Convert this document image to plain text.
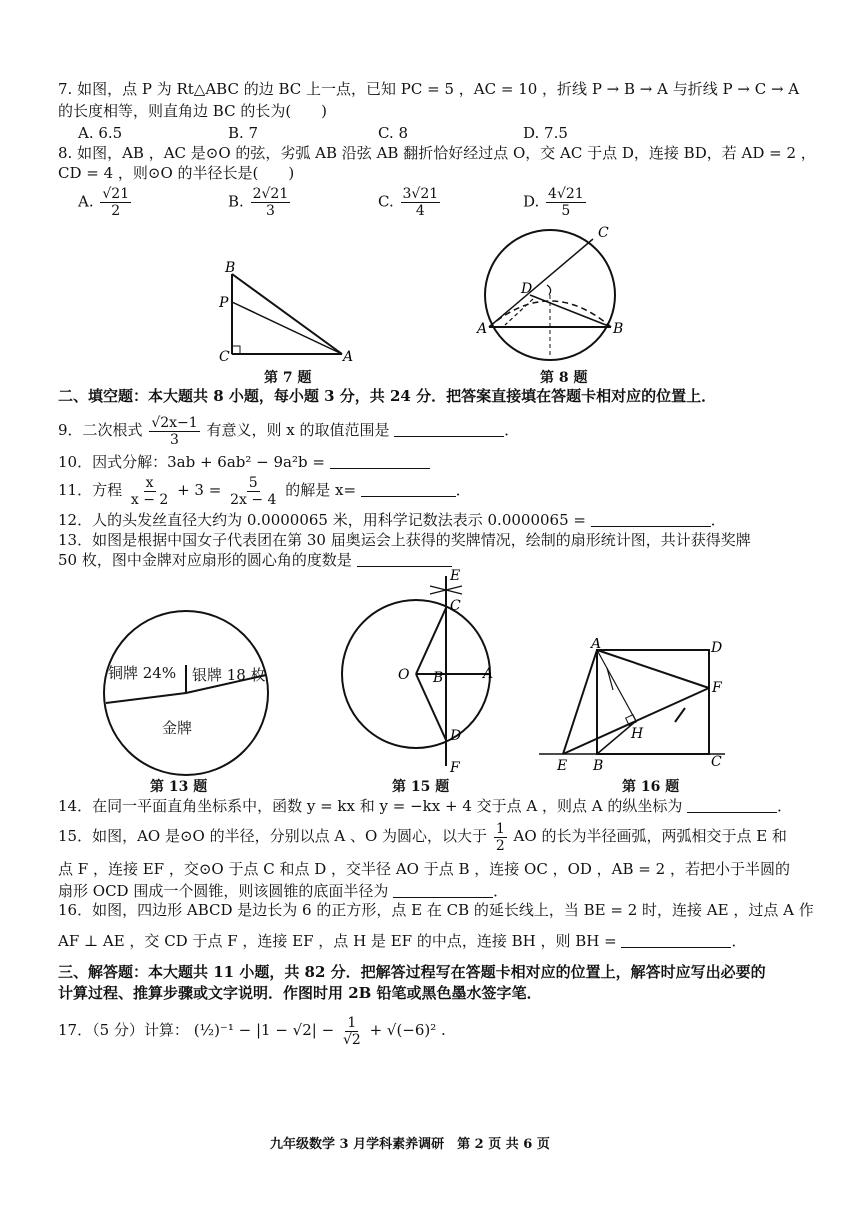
7. 如图，点 P 为 Rt△ABC 的边 BC 上一点，已知 PC = 5 ，AC = 10 ，折线 P → B → A 与折线 P → C → A
的长度相等，则直角边 BC 的长为(　　)
A. 6.5	B. 7	C. 8	D. 7.5
8. 如图，AB ，AC 是⊙O 的弦，劣弧 AB 沿弦 AB 翻折恰好经过点 O，交 AC 于点 D，连接 BD，若 AD = 2 ，
CD = 4 ，则⊙O 的半径长是(　　)
A. $\frac{√21}{2}$	B. $\frac{2√21}{3}$	C. $\frac{3√21}{4}$	D. $\frac{4√21}{5}$
B
P
C	A
第 7 题
C
D
A	B
第 8 题
二、填空题：本大题共 8 小题，每小题 3 分，共 24 分．把答案直接填在答题卡相对应的位置上．
9．二次根式 $\frac{√2x-1}{3}$ 有意义，则 x 的取值范围是	．
10．因式分解：3ab + 6ab² − 9a²b =
11．方程 $\frac{x}{x - 2} + 3 = \frac{5}{2x - 4}$ 的解是 x=	．
12．人的头发丝直径大约为 0.0000065 米，用科学记数法表示 0.0000065 =	．
13．如图是根据中国女子代表团在第 30 届奥运会上获得的奖牌情况，绘制的扇形统计图，共计获得奖牌
50 枚，图中金牌对应扇形的圆心角的度数是
铜牌 24% 银牌 18 枚
金牌
第 13 题
E
C
O B	A
D
F
第 15 题
A	D
F
H
E B	C
第 16 题
14．在同一平面直角坐标系中，函数 y = kx 和 y = −kx + 4 交于点 A ，则点 A 的纵坐标为	．
15．如图，AO 是⊙O 的半径，分别以点 A 、O 为圆心，以大于 $\frac{1}{2}$ AO 的长为半径画弧，两弧相交于点 E 和
点 F ，连接 EF ，交⊙O 于点 C 和点 D ，交半径 AO 于点 B ，连接 OC ，OD ，AB = 2 ，若把小于半圆的
扇形 OCD 围成一个圆锥，则该圆锥的底面半径为	．
16．如图，四边形 ABCD 是边长为 6 的正方形，点 E 在 CB 的延长线上，当 BE = 2 时，连接 AE ，过点 A 作
AF ⊥ AE ，交 CD 于点 F ，连接 EF ，点 H 是 EF 的中点，连接 BH ，则 BH =	．
三、解答题：本大题共 11 小题，共 82 分．把解答过程写在答题卡相对应的位置上，解答时应写出必要的
计算过程、推算步骤或文字说明．作图时用 2B 铅笔或黑色墨水签字笔．
17．（5 分）计算： (½)⁻¹ − $|1 - √2| - \frac{1}{√2} + √(-6)^2$ .
九年级数学 3 月学科素养调研　第 2 页 共 6 页
